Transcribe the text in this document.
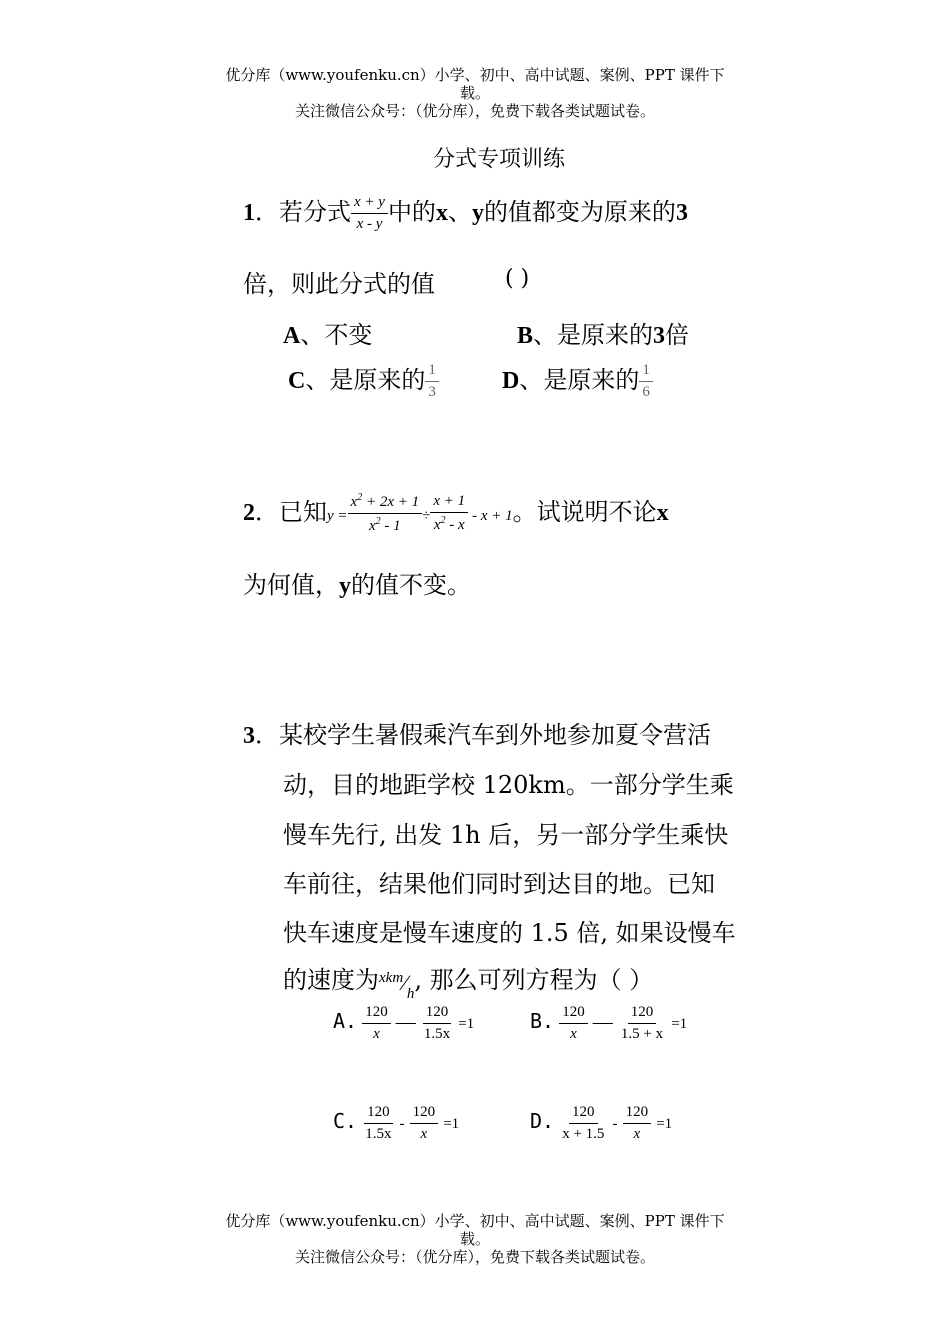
优分库（www.youfenku.cn）小学、初中、高中试题、案例、PPT 课件下
载。
关注微信公众号：（优分库），免费下载各类试题试卷。
分式专项训练
1．若分式 $\frac{x + y}{x - y}$ 中的x、y的值都变为原来的3
倍，则此分式的值	( )
A、不变	B、是原来的3倍
C、是原来的 $\frac{1}{3}$	D、是原来的 $\frac{1}{6}$
2．已知$y = \frac{x^2 + 2x + 1}{x^2 - 1} \div \frac{x + 1}{x^2 - x} - x + 1$。试说明不论x
为何值，y的值不变。
3．某校学生暑假乘汽车到外地参加夏令营活
动，目的地距学校 120km。一部分学生乘
慢车先行, 出发 1h 后，另一部分学生乘快
车前往，结果他们同时到达目的地。已知
快车速度是慢车速度的 1.5 倍, 如果设慢车
的速度为$^{xkm}∕_h$, 那么可列方程为（ ）
A. $\frac{120}{x}$ — $\frac{120}{1.5x} =1$	B. $\frac{120}{x}$ — $\frac{120}{1.5 + x} =1$
C. $\frac{120}{1.5x} - \frac{120}{x} =1$	D. $\frac{120}{x + 1.5} - \frac{120}{x} =1$
优分库（www.youfenku.cn）小学、初中、高中试题、案例、PPT 课件下
载。
关注微信公众号：（优分库），免费下载各类试题试卷。
